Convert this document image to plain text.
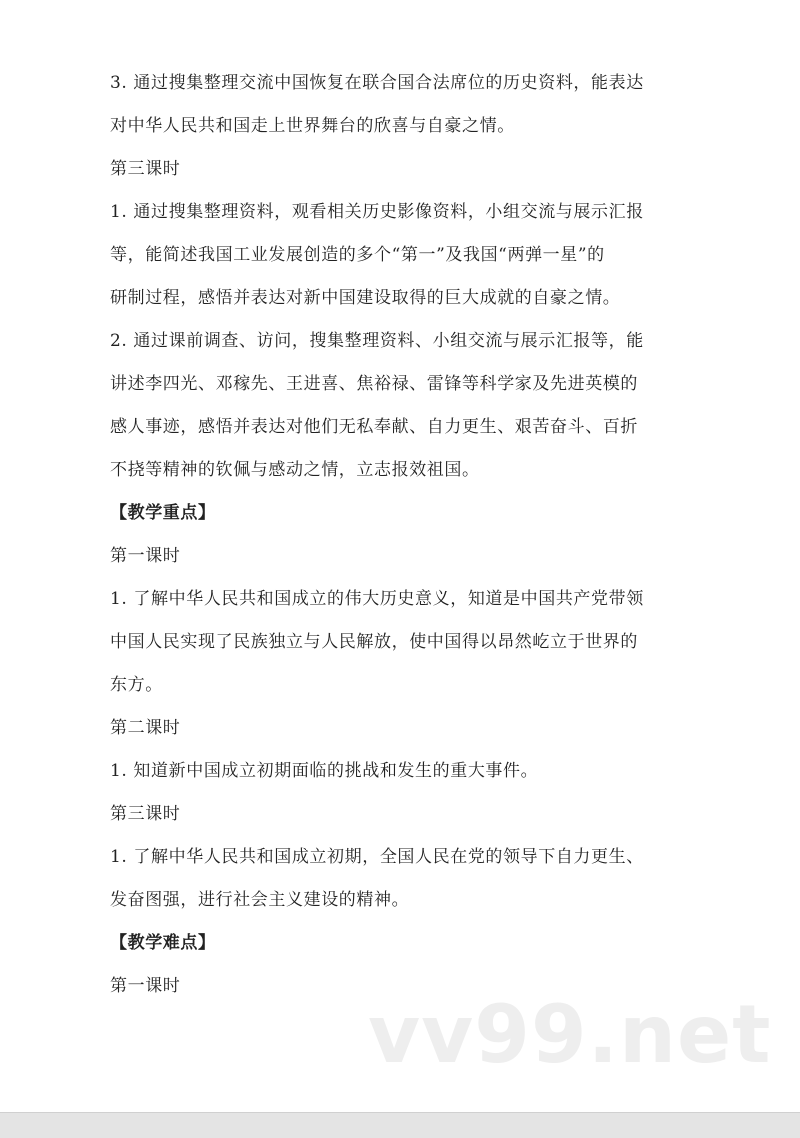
3. 通过搜集整理交流中国恢复在联合国合法席位的历史资料，能表达
对中华人民共和国走上世界舞台的欣喜与自豪之情。
第三课时
1. 通过搜集整理资料，观看相关历史影像资料，小组交流与展示汇报
等，能简述我国工业发展创造的多个“第一”及我国“两弹一星”的
研制过程，感悟并表达对新中国建设取得的巨大成就的自豪之情。
2. 通过课前调查、访问，搜集整理资料、小组交流与展示汇报等，能
讲述李四光、邓稼先、王进喜、焦裕禄、雷锋等科学家及先进英模的
感人事迹，感悟并表达对他们无私奉献、自力更生、艰苦奋斗、百折
不挠等精神的钦佩与感动之情，立志报效祖国。
【教学重点】
第一课时
1. 了解中华人民共和国成立的伟大历史意义，知道是中国共产党带领
中国人民实现了民族独立与人民解放，使中国得以昂然屹立于世界的
东方。
第二课时
1. 知道新中国成立初期面临的挑战和发生的重大事件。
第三课时
1. 了解中华人民共和国成立初期，全国人民在党的领导下自力更生、
发奋图强，进行社会主义建设的精神。
【教学难点】
第一课时
vv99.net
